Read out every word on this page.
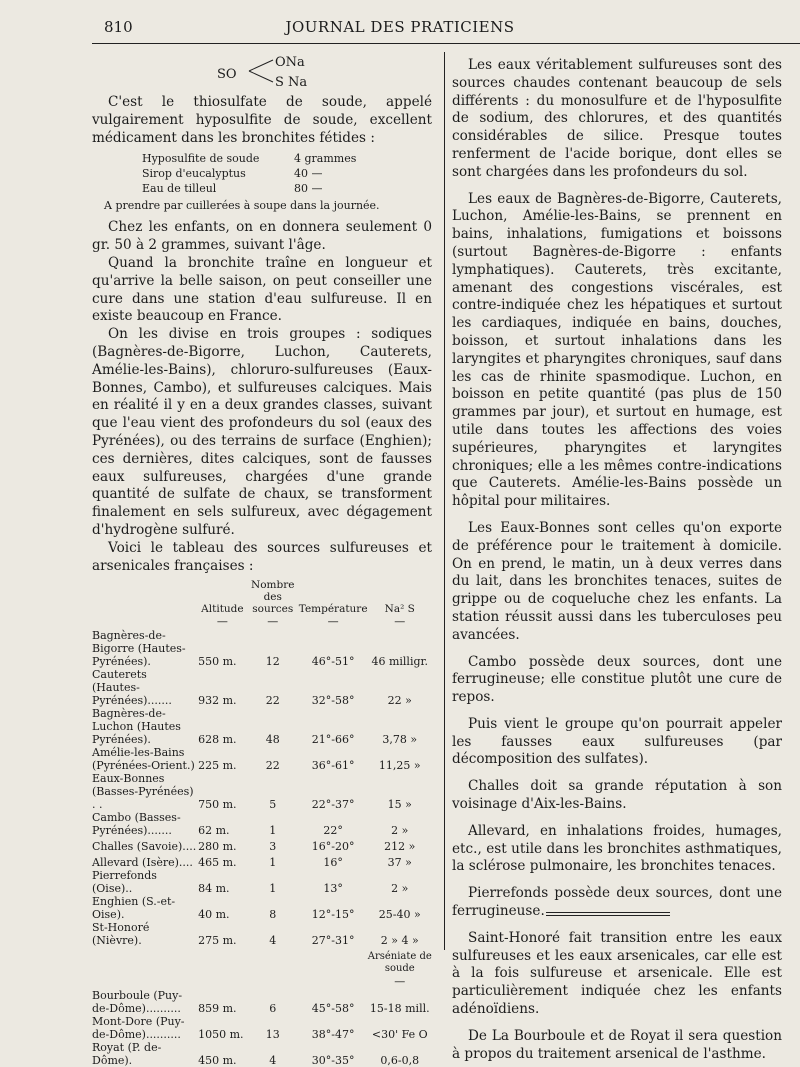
810	JOURNAL DES PRATICIENS
SO
ONa
S Na

C'est le thiosulfate de soude, appelé vulgairement hyposulfite de soude, excellent médicament dans les bronchites fétides :

Hyposulfite de soude	4 grammes
Sirop d'eucalyptus	40 —
Eau de tilleul	80 —
A prendre par cuillerées à soupe dans la journée.

Chez les enfants, on en donnera seulement 0 gr. 50 à 2 grammes, suivant l'âge.

Quand la bronchite traîne en longueur et qu'arrive la belle saison, on peut conseiller une cure dans une station d'eau sulfureuse. Il en existe beaucoup en France.

On les divise en trois groupes : sodiques (Bagnères-de-Bigorre, Luchon, Cauterets, Amélie-les-Bains), chloruro-sulfureuses (Eaux-Bonnes, Cambo), et sulfureuses calciques. Mais en réalité il y en a deux grandes classes, suivant que l'eau vient des profondeurs du sol (eaux des Pyrénées), ou des terrains de surface (Enghien); ces dernières, dites calciques, sont de fausses eaux sulfureuses, chargées d'une grande quantité de sulfate de chaux, se transforment finalement en sels sulfureux, avec dégagement d'hydrogène sulfuré.

Voici le tableau des sources sulfureuses et arsenicales françaises :

	Altitude	Nombre des sources	Température	Na² S
	—	—	—	—
Bagnères-de-Bigorre (Hautes-Pyrénées).	550 m.	12	46°-51°	46 milligr.
Cauterets (Hautes-Pyrénées).......	932 m.	22	32°-58°	22 »
Bagnères-de-Luchon (Hautes Pyrénées).	628 m.	48	21°-66°	3,78 »
Amélie-les-Bains (Pyrénées-Orient.)	225 m.	22	36°-61°	11,25 »
Eaux-Bonnes (Basses-Pyrénées) . .	750 m.	5	22°-37°	15 »
Cambo (Basses-Pyrénées).......	62 m.	1	22°	2 »
Challes (Savoie)....	280 m.	3	16°-20°	212 »
Allevard (Isère)....	465 m.	1	16°	37 »
Pierrefonds (Oise)..	84 m.	1	13°	2 »
Enghien (S.-et-Oise).	40 m.	8	12°-15°	25-40 »
St-Honoré (Nièvre).	275 m.	4	27°-31°	2 » 4 »
				Arséniate de soude
				—
Bourboule (Puy-de-Dôme)..........	859 m.	6	45°-58°	15-18 mill.
Mont-Dore (Puy-de-Dôme)..........	1050 m.	13	38°-47°	<30' Fe O
Royat (P. de-Dôme).	450 m.	4	30°-35°	0,6-0,8

Les eaux véritablement sulfureuses sont des sources chaudes contenant beaucoup de sels différents : du monosulfure et de l'hyposulfite de sodium, des chlorures, et des quantités considérables de silice. Presque toutes renferment de l'acide borique, dont elles se sont chargées dans les profondeurs du sol.

Les eaux de Bagnères-de-Bigorre, Cauterets, Luchon, Amélie-les-Bains, se prennent en bains, inhalations, fumigations et boissons (surtout Bagnères-de-Bigorre : enfants lymphatiques). Cauterets, très excitante, amenant des congestions viscérales, est contre-indiquée chez les hépatiques et surtout les cardiaques, indiquée en bains, douches, boisson, et surtout inhalations dans les laryngites et pharyngites chroniques, sauf dans les cas de rhinite spasmodique. Luchon, en boisson en petite quantité (pas plus de 150 grammes par jour), et surtout en humage, est utile dans toutes les affections des voies supérieures, pharyngites et laryngites chroniques; elle a les mêmes contre-indications que Cauterets. Amélie-les-Bains possède un hôpital pour militaires.

Les Eaux-Bonnes sont celles qu'on exporte de préférence pour le traitement à domicile. On en prend, le matin, un à deux verres dans du lait, dans les bronchites tenaces, suites de grippe ou de coqueluche chez les enfants. La station réussit aussi dans les tuberculoses peu avancées.

Cambo possède deux sources, dont une ferrugineuse; elle constitue plutôt une cure de repos.

Puis vient le groupe qu'on pourrait appeler les fausses eaux sulfureuses (par décomposition des sulfates).

Challes doit sa grande réputation à son voisinage d'Aix-les-Bains.

Allevard, en inhalations froides, humages, etc., est utile dans les bronchites asthmatiques, la sclérose pulmonaire, les bronchites tenaces.

Pierrefonds possède deux sources, dont une ferrugineuse.

Saint-Honoré fait transition entre les eaux sulfureuses et les eaux arsenicales, car elle est à la fois sulfureuse et arsenicale. Elle est particulièrement indiquée chez les enfants adénoïdiens.

De La Bourboule et de Royat il sera question à propos du traitement arsenical de l'asthme.
